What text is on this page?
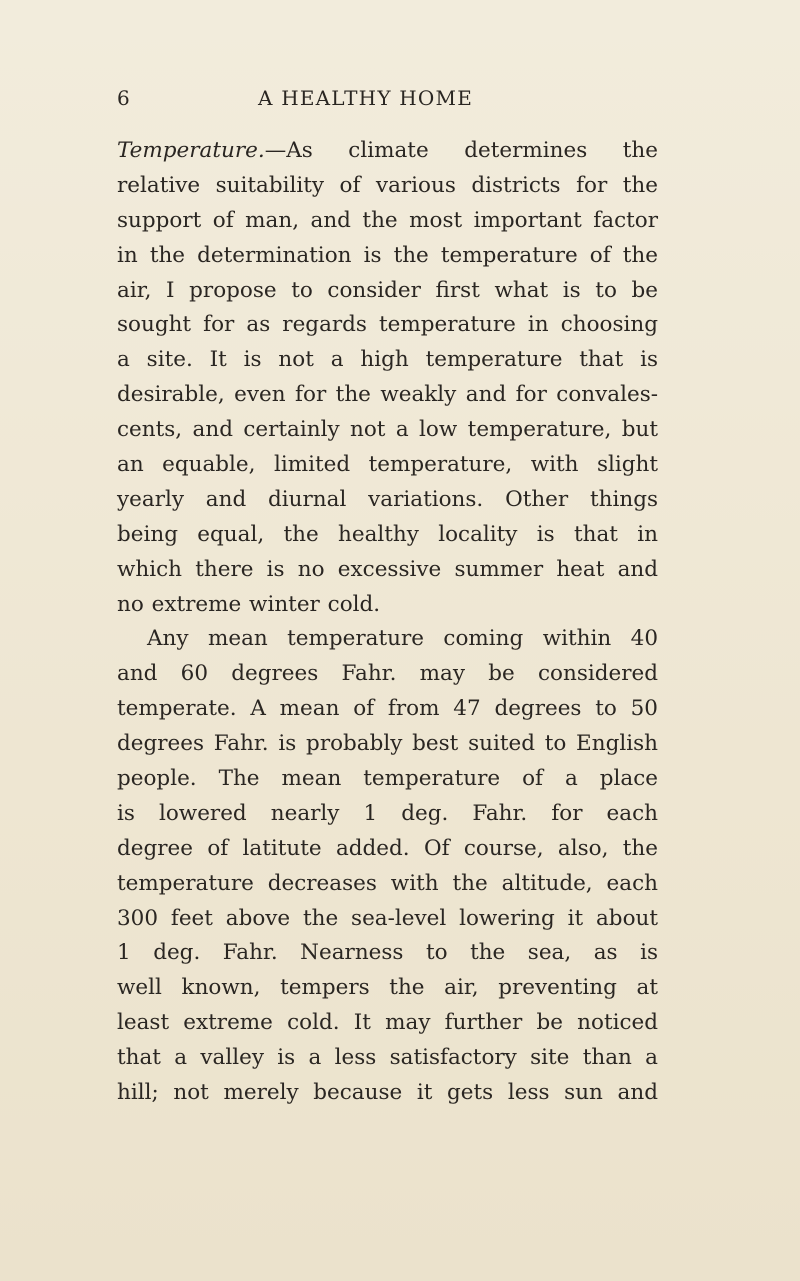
6	A HEALTHY HOME
Temperature.—As climate determines the
relative suitability of various districts for the
support of man, and the most important factor
in the determination is the temperature of the
air, I propose to consider first what is to be
sought for as regards temperature in choosing
a site. It is not a high temperature that is
desirable, even for the weakly and for convales-
cents, and certainly not a low temperature, but
an equable, limited temperature, with slight
yearly and diurnal variations. Other things
being equal, the healthy locality is that in
which there is no excessive summer heat and
no extreme winter cold.
Any mean temperature coming within 40
and 60 degrees Fahr. may be considered
temperate. A mean of from 47 degrees to 50
degrees Fahr. is probably best suited to English
people. The mean temperature of a place
is lowered nearly 1 deg. Fahr. for each
degree of latitute added. Of course, also, the
temperature decreases with the altitude, each
300 feet above the sea-level lowering it about
1 deg. Fahr. Nearness to the sea, as is
well known, tempers the air, preventing at
least extreme cold. It may further be noticed
that a valley is a less satisfactory site than a
hill; not merely because it gets less sun and
